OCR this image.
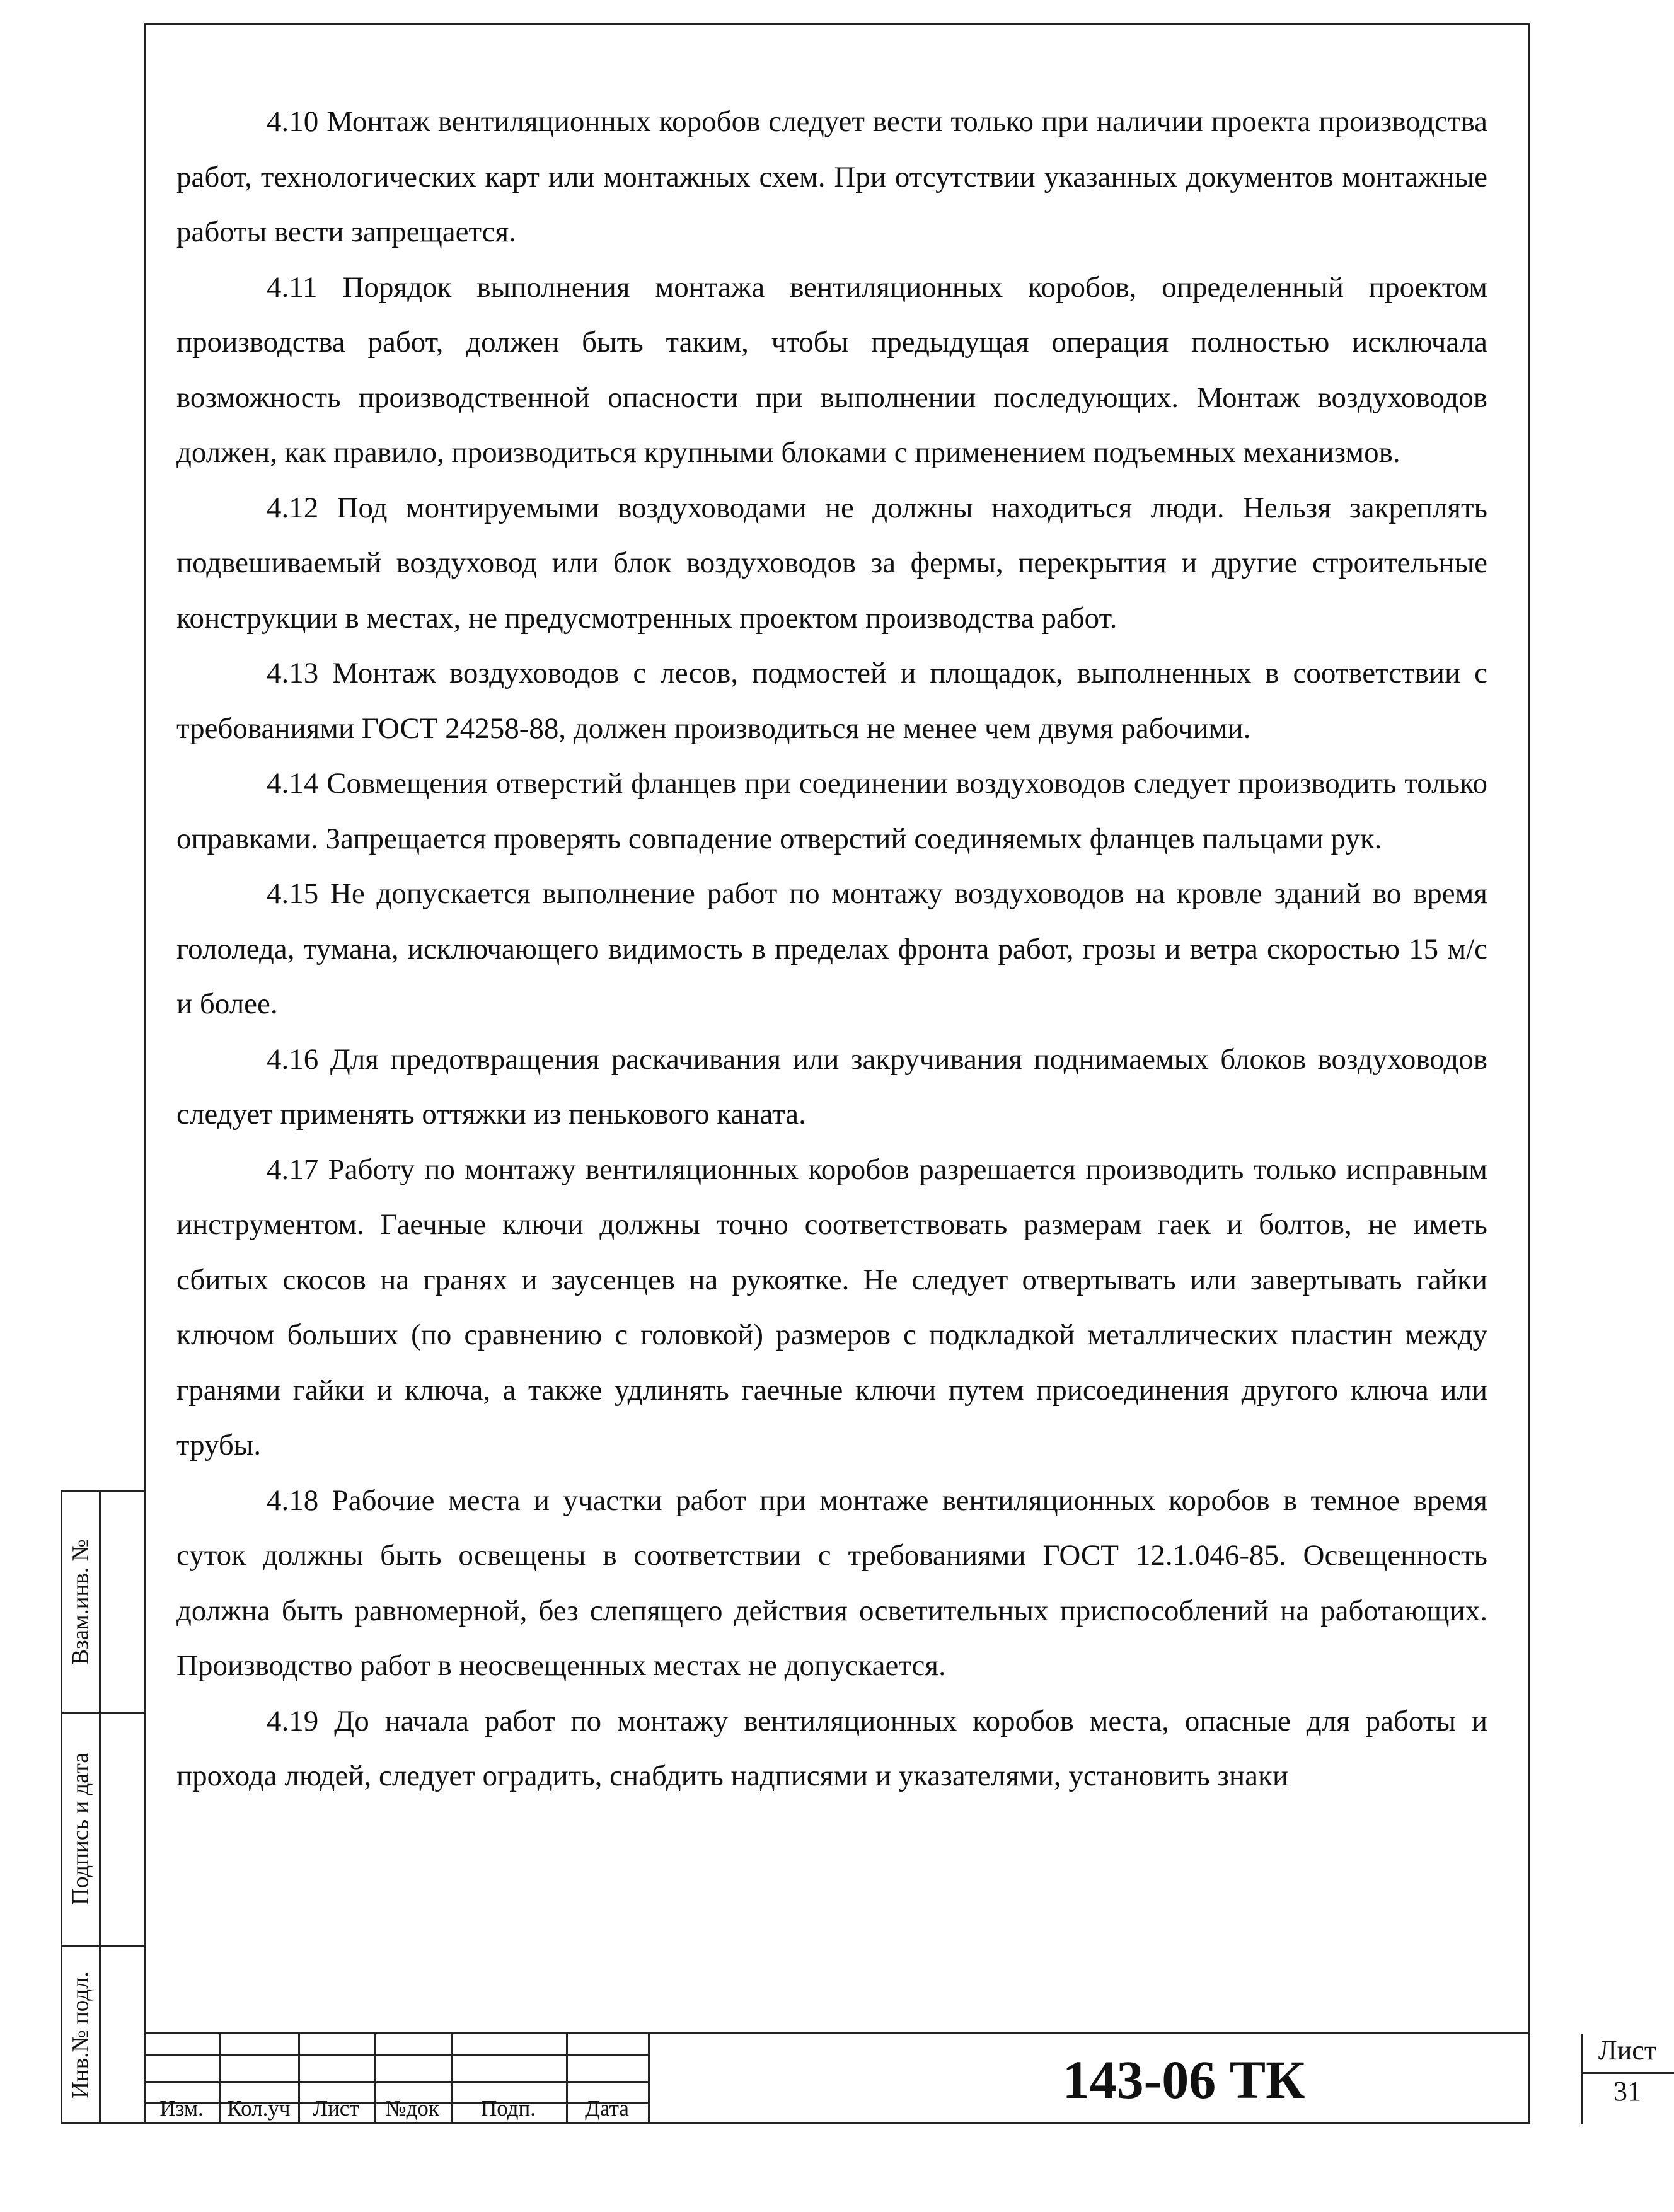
4.10 Монтаж вентиляционных коробов следует вести только при наличии проекта производства работ, технологических карт или монтажных схем. При отсутствии указанных документов монтажные работы вести запрещается.

4.11 Порядок выполнения монтажа вентиляционных коробов, определенный проектом производства работ, должен быть таким, чтобы предыдущая операция полностью исключала возможность производственной опасности при выполнении последующих. Монтаж воздуховодов должен, как правило, производиться крупными блоками с применением подъемных механизмов.

4.12 Под монтируемыми воздуховодами не должны находиться люди. Нельзя закреплять подвешиваемый воздуховод или блок воздуховодов за фермы, перекрытия и другие строительные конструкции в местах, не предусмотренных проектом производства работ.

4.13 Монтаж воздуховодов с лесов, подмостей и площадок, выполненных в соответствии с требованиями ГОСТ 24258-88, должен производиться не менее чем двумя рабочими.

4.14 Совмещения отверстий фланцев при соединении воздуховодов следует производить только оправками. Запрещается проверять совпадение отверстий соединяемых фланцев пальцами рук.

4.15 Не допускается выполнение работ по монтажу воздуховодов на кровле зданий во время гололеда, тумана, исключающего видимость в пределах фронта работ, грозы и ветра скоростью 15 м/с и более.

4.16 Для предотвращения раскачивания или закручивания поднимаемых блоков воздуховодов следует применять оттяжки из пенькового каната.

4.17 Работу по монтажу вентиляционных коробов разрешается производить только исправным инструментом. Гаечные ключи должны точно соответствовать размерам гаек и болтов, не иметь сбитых скосов на гранях и заусенцев на рукоятке. Не следует отвертывать или завертывать гайки ключом больших (по сравнению с головкой) размеров с подкладкой металлических пластин между гранями гайки и ключа, а также удлинять гаечные ключи путем присоединения другого ключа или трубы.

4.18 Рабочие места и участки работ при монтаже вентиляционных коробов в темное время суток должны быть освещены в соответствии с требованиями ГОСТ 12.1.046-85. Освещенность должна быть равномерной, без слепящего действия осветительных приспособлений на работающих. Производство работ в неосвещенных местах не допускается.

4.19 До начала работ по монтажу вентиляционных коробов места, опасные для работы и прохода людей, следует оградить, снабдить надписями и указателями, установить знаки

Взам.инв. №
Подпись и дата
Инв.№ подл.
Изм.	Кол.уч	Лист	№док	Подп.	Дата	143-06 ТК	Лист
31
